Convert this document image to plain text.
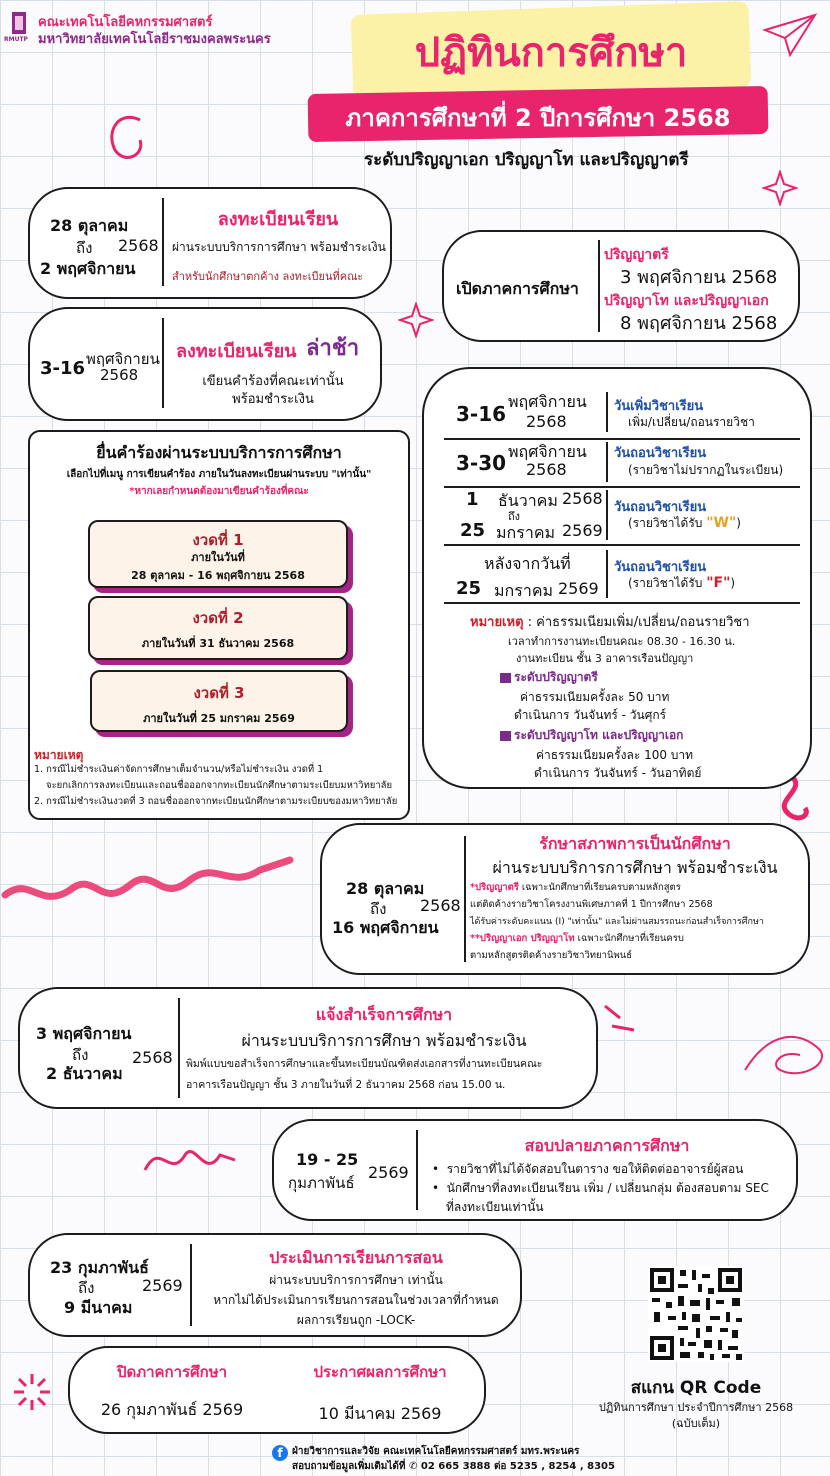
RMUTP
คณะเทคโนโลยีคหกรรมศาสตร์
มหาวิทยาลัยเทคโนโลยีราชมงคลพระนคร	ปฏิทินการศึกษา
ภาคการศึกษาที่ 2 ปีการศึกษา 2568
ระดับปริญญาเอก ปริญญาโท และปริญญาตรี
28 ตุลาคม
ถึง 2568
2 พฤศจิกายน
ลงทะเบียนเรียน
ผ่านระบบบริการการศึกษา พร้อมชำระเงิน
สำหรับนักศึกษาตกค้าง ลงทะเบียนที่คณะ
3-16 พฤศจิกายน
2568
ลงทะเบียนเรียน ล่าช้า
เขียนคำร้องที่คณะเท่านั้น
พร้อมชำระเงิน
เปิดภาคการศึกษา
ปริญญาตรี
3 พฤศจิกายน 2568
ปริญญาโท และปริญญาเอก
8 พฤศจิกายน 2568
3-16
พฤศจิกายน
2568
วันเพิ่มวิชาเรียน
เพิ่ม/เปลี่ยน/ถอนรายวิชา
3-30 พฤศจิกายน
2568
วันถอนวิชาเรียน
(รายวิชาไม่ปรากฏในระเบียน)
1 ธันวาคม 2568
ถึง
25 มกราคม 2569
วันถอนวิชาเรียน
(รายวิชาได้รับ "W")
หลังจากวันที่
25 มกราคม 2569
วันถอนวิชาเรียน
(รายวิชาได้รับ "F")
หมายเหตุ : ค่าธรรมเนียมเพิ่ม/เปลี่ยน/ถอนรายวิชา
เวลาทำการงานทะเบียนคณะ 08.30 - 16.30 น.
งานทะเบียน ชั้น 3 อาคารเรือนปัญญา
ระดับปริญญาตรี
ค่าธรรมเนียมครั้งละ 50 บาท
ดำเนินการ วันจันทร์ - วันศุกร์
ระดับปริญญาโท และปริญญาเอก
ค่าธรรมเนียมครั้งละ 100 บาท
ดำเนินการ วันจันทร์ - วันอาทิตย์
ยื่นคำร้องผ่านระบบบริการการศึกษา
เลือกไปที่เมนู การเขียนคำร้อง ภายในวันลงทะเบียนผ่านระบบ "เท่านั้น"
*หากเลยกำหนดต้องมาเขียนคำร้องที่คณะ
งวดที่ 1
ภายในวันที่
28 ตุลาคม - 16 พฤศจิกายน 2568
งวดที่ 2
ภายในวันที่ 31 ธันวาคม 2568
งวดที่ 3
ภายในวันที่ 25 มกราคม 2569
หมายเหตุ
1. กรณีไม่ชำระเงินค่าจัดการศึกษาเต็มจำนวน/หรือไม่ชำระเงิน งวดที่ 1
จะยกเลิกการลงทะเบียนและถอนชื่อออกจากทะเบียนนักศึกษาตามระเบียบมหาวิทยาลัย
2. กรณีไม่ชำระเงินงวดที่ 3 ถอนชื่อออกจากทะเบียนนักศึกษาตามระเบียบของมหาวิทยาลัย
28 ตุลาคม
ถึง 2568
16 พฤศจิกายน
รักษาสภาพการเป็นนักศึกษา
ผ่านระบบบริการการศึกษา พร้อมชำระเงิน
*ปริญญาตรี เฉพาะนักศึกษาที่เรียนครบตามหลักสูตร
แต่ติดค้างรายวิชาโครงงานพิเศษภาคที่ 1 ปีการศึกษา 2568
ได้รับค่าระดับคะแนน (I) "เท่านั้น" และไม่ผ่านสมรรถนะก่อนสำเร็จการศึกษา
**ปริญญาเอก ปริญญาโท เฉพาะนักศึกษาที่เรียนครบ
ตามหลักสูตรติดค้างรายวิชาวิทยานิพนธ์
3 พฤศจิกายน
ถึง	2568
2 ธันวาคม
แจ้งสำเร็จการศึกษา
ผ่านระบบบริการการศึกษา พร้อมชำระเงิน
พิมพ์แบบขอสำเร็จการศึกษาและขึ้นทะเบียนบัณฑิตส่งเอกสารที่งานทะเบียนคณะ
อาคารเรือนปัญญา ชั้น 3 ภายในวันที่ 2 ธันวาคม 2568 ก่อน 15.00 น.
19 - 25
กุมภาพันธ์
2569
สอบปลายภาคการศึกษา
•  รายวิชาที่ไม่ได้จัดสอบในตาราง ขอให้ติดต่ออาจารย์ผู้สอน
•  นักศึกษาที่ลงทะเบียนเรียน เพิ่ม / เปลี่ยนกลุ่ม ต้องสอบตาม SEC
ที่ลงทะเบียนเท่านั้น
23 กุมภาพันธ์
ถึง	2569
9 มีนาคม
ประเมินการเรียนการสอน
ผ่านระบบบริการการศึกษา เท่านั้น
หากไม่ได้ประเมินการเรียนการสอนในช่วงเวลาที่กำหนด
ผลการเรียนถูก -LOCK-
ปิดภาคการศึกษา
26 กุมภาพันธ์ 2569
ประกาศผลการศึกษา
10 มีนาคม 2569
สแกน QR Code
ปฏิทินการศึกษา ประจำปีการศึกษา 2568
(ฉบับเต็ม)
f ฝ่ายวิชาการและวิจัย คณะเทคโนโลยีคหกรรมศาสตร์ มทร.พระนคร
สอบถามข้อมูลเพิ่มเติมได้ที่ ✆ 02 665 3888 ต่อ 5235 , 8254 , 8305
